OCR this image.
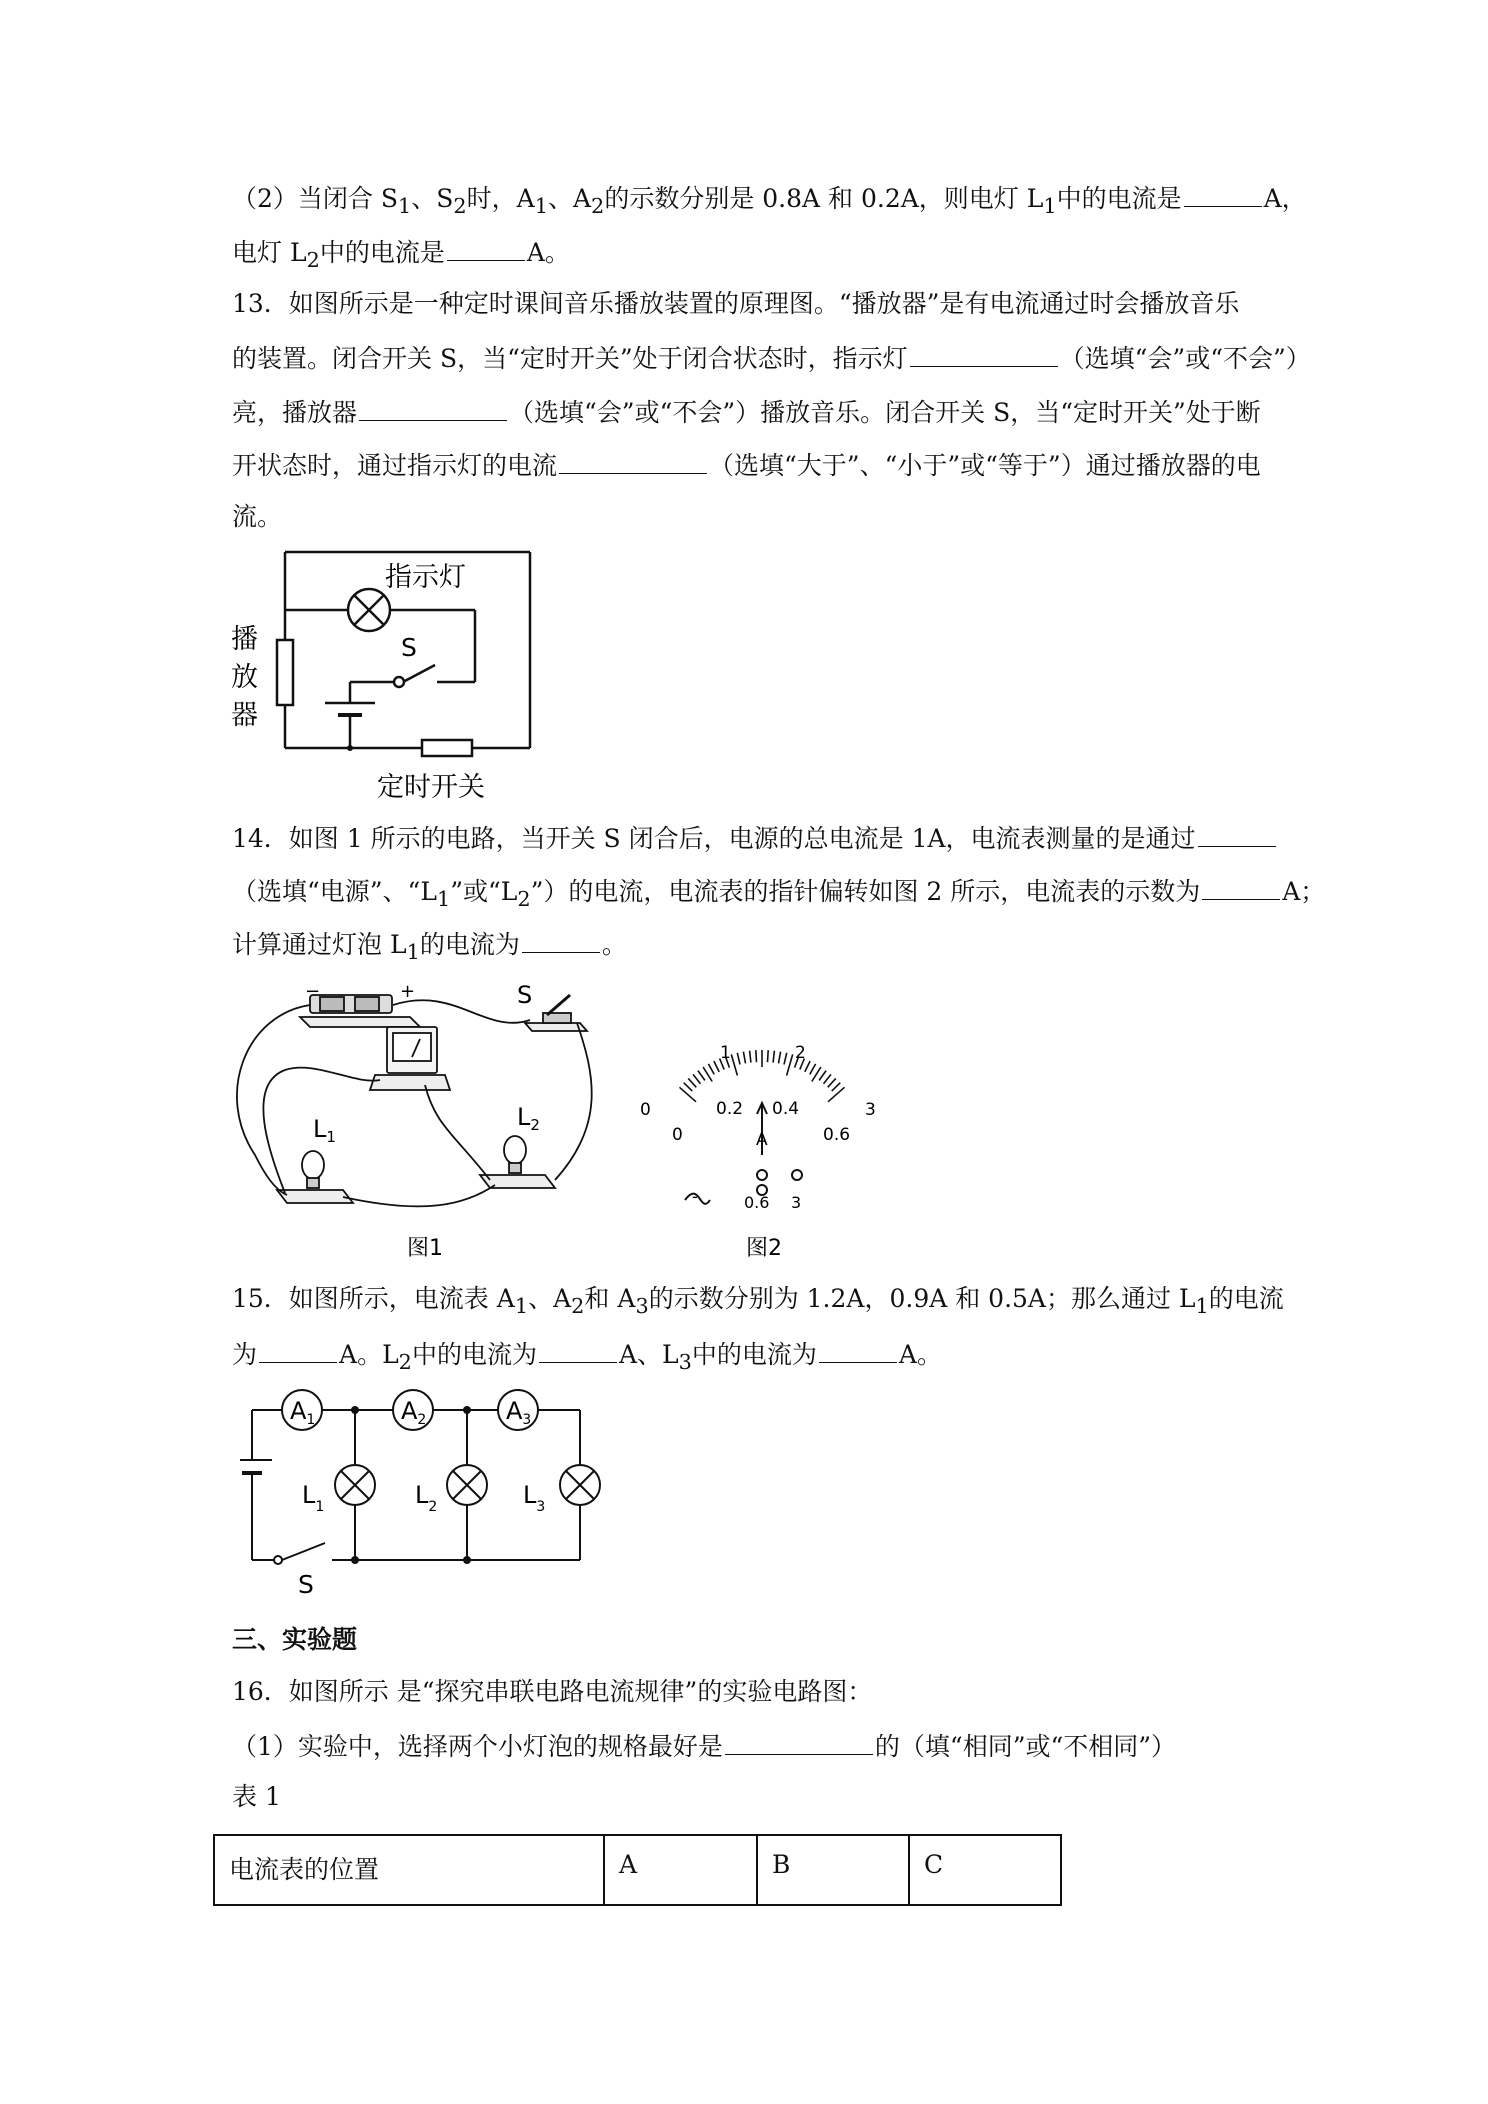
（2）当闭合 $S_1$、$S_2$时，$A_1$、$A_2$的示数分别是 0.8A 和 0.2A，则电灯 $L_1$中的电流是	A，
电灯 $L_2$中的电流是	A。
13．如图所示是一种定时课间音乐播放装置的原理图。“播放器”是有电流通过时会播放音乐
的装置。闭合开关 S，当“定时开关”处于闭合状态时，指示灯	（选填“会”或“不会”）
亮，播放器	（选填“会”或“不会”）播放音乐。闭合开关 S，当“定时开关”处于断
开状态时，通过指示灯的电流	（选填“大于”、“小于”或“等于”）通过播放器的电
流。
指示灯
S
播
放
器
定时开关
14．如图 1 所示的电路，当开关 S 闭合后，电源的总电流是 1A，电流表测量的是通过
（选填“电源”、“$L_1$”或“$L_2$”）的电流，电流表的指针偏转如图 2 所示，电流表的示数为	A；
计算通过灯泡 $L_1$的电流为	。
−	+	S
$L_1$
$L_2$
图1
0
1	2
3
0
0.2 0.4
0.6
A
-	0.6 3
图2
15．如图所示，电流表 $A_1$、$A_2$和 $A_3$的示数分别为 1.2A，0.9A 和 0.5A；那么通过 $L_1$的电流
为	A。$L_2$中的电流为	A、$L_3$中的电流为	A。
$A_1$	$A_2$	$A_3$
$L_1$	$L_2$	$L_3$
S
三、实验题
16．如图所示 是“探究串联电路电流规律”的实验电路图：
（1）实验中，选择两个小灯泡的规格最好是	的（填“相同”或“不相同”）
表 1
电流表的位置	A	B	C
